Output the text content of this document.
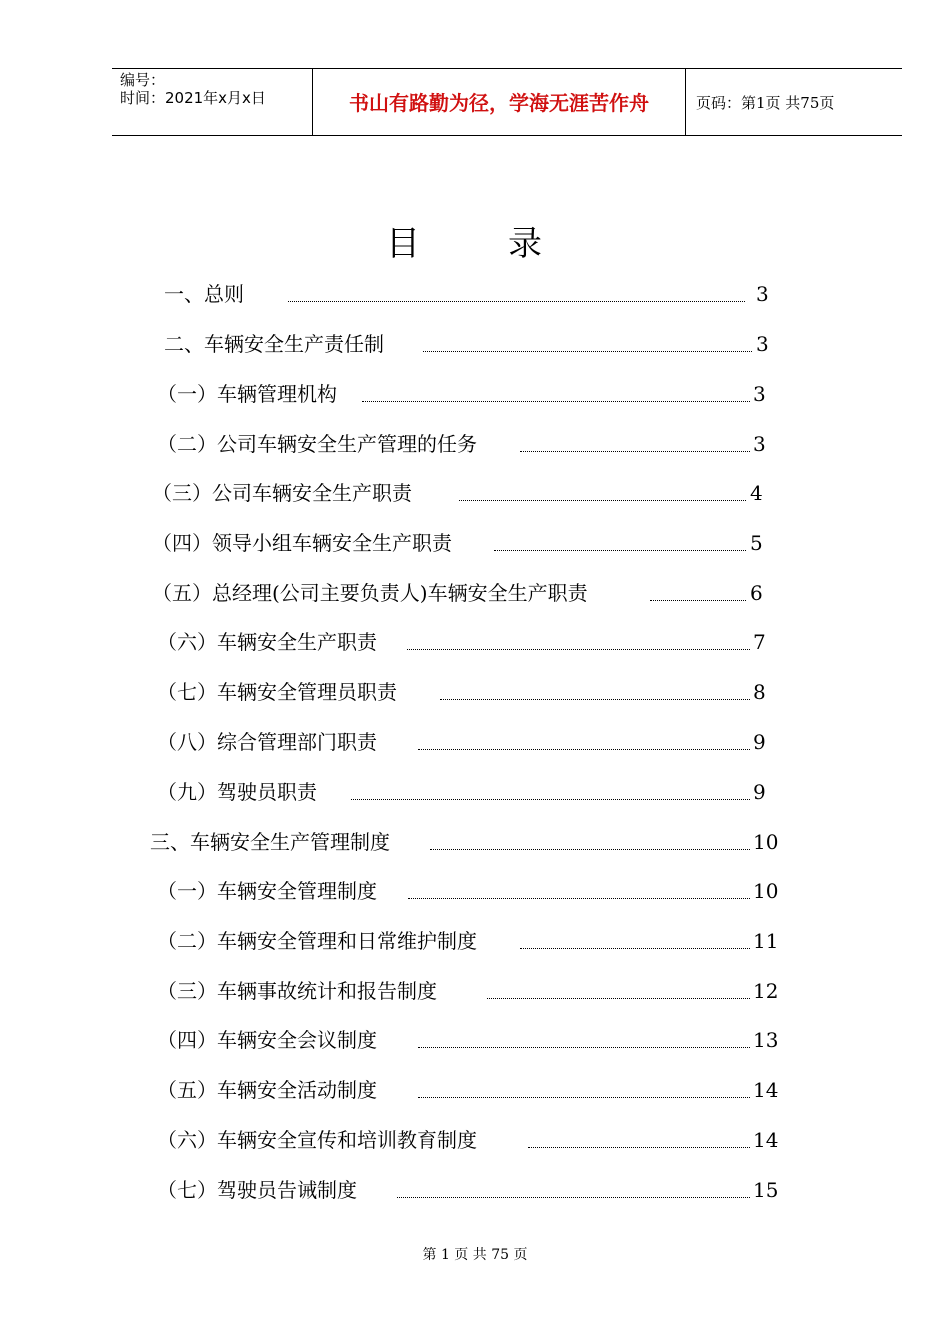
编号：
时间：2021年x月x日	书山有路勤为径，学海无涯苦作舟	页码：第1页 共75页
目录
一、总则	3
二、车辆安全生产责任制	3
（一）车辆管理机构	3
（二）公司车辆安全生产管理的任务	3
（三）公司车辆安全生产职责	4
（四）领导小组车辆安全生产职责	5
（五）总经理(公司主要负责人)车辆安全生产职责	6
（六）车辆安全生产职责	7
（七）车辆安全管理员职责	8
（八）综合管理部门职责	9
（九）驾驶员职责	9
三、车辆安全生产管理制度	10
（一）车辆安全管理制度	10
（二）车辆安全管理和日常维护制度	11
（三）车辆事故统计和报告制度	12
（四）车辆安全会议制度	13
（五）车辆安全活动制度	14
（六）车辆安全宣传和培训教育制度	14
（七）驾驶员告诫制度	15
第 1 页 共 75 页
